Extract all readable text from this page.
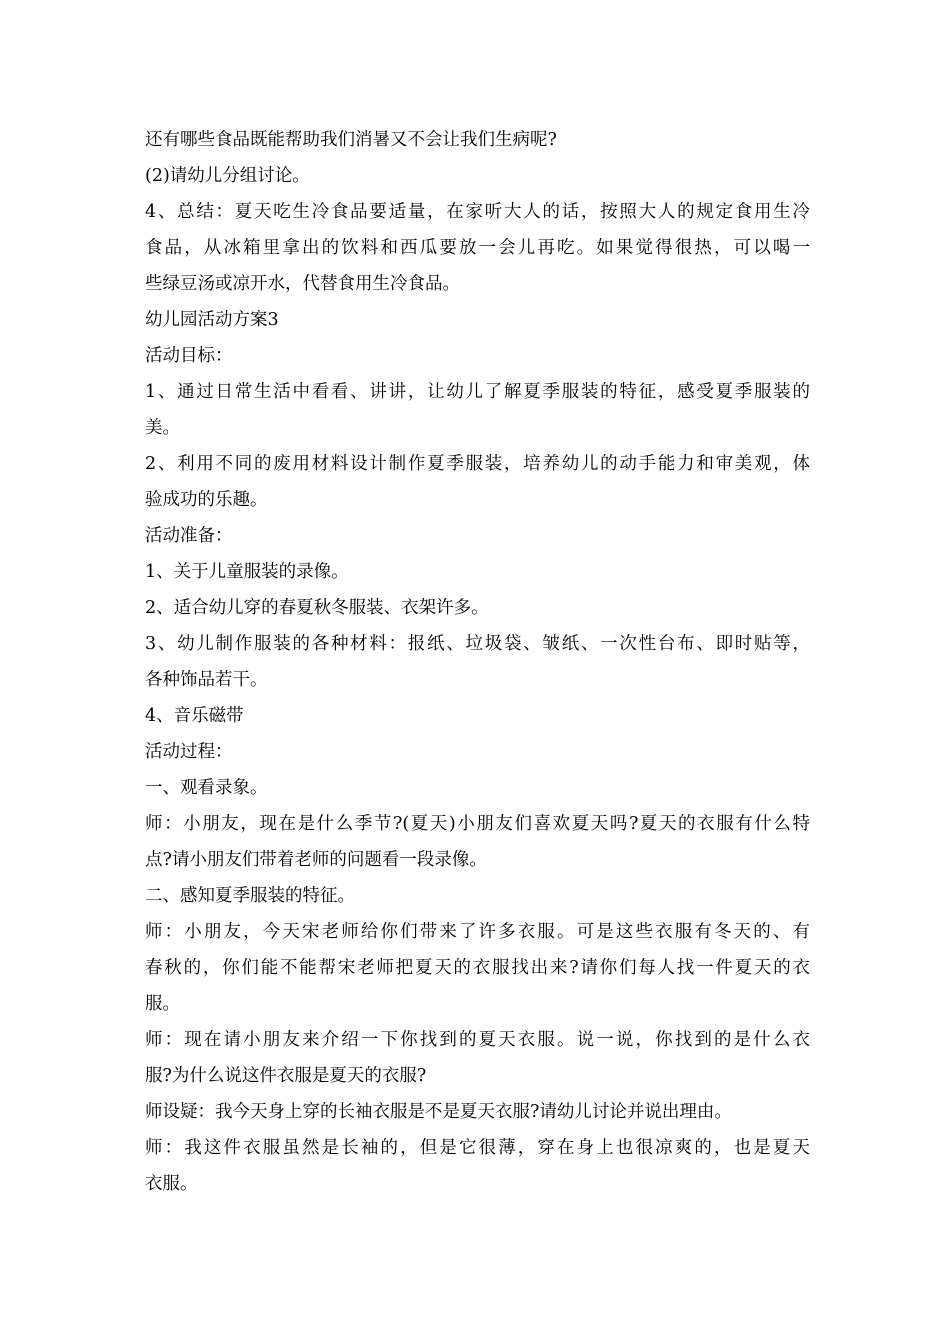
还有哪些食品既能帮助我们消暑又不会让我们生病呢?
(2)请幼儿分组讨论。
4、总结：夏天吃生冷食品要适量，在家听大人的话，按照大人的规定食用生冷
食品，从冰箱里拿出的饮料和西瓜要放一会儿再吃。如果觉得很热，可以喝一
些绿豆汤或凉开水，代替食用生冷食品。
幼儿园活动方案3
活动目标：
1、通过日常生活中看看、讲讲，让幼儿了解夏季服装的特征，感受夏季服装的
美。
2、利用不同的废用材料设计制作夏季服装，培养幼儿的动手能力和审美观，体
验成功的乐趣。
活动准备：
1、关于儿童服装的录像。
2、适合幼儿穿的春夏秋冬服装、衣架许多。
3、幼儿制作服装的各种材料：报纸、垃圾袋、皱纸、一次性台布、即时贴等，
各种饰品若干。
4、音乐磁带
活动过程：
一、观看录象。
师：小朋友，现在是什么季节?(夏天)小朋友们喜欢夏天吗?夏天的衣服有什么特
点?请小朋友们带着老师的问题看一段录像。
二、感知夏季服装的特征。
师：小朋友，今天宋老师给你们带来了许多衣服。可是这些衣服有冬天的、有
春秋的，你们能不能帮宋老师把夏天的衣服找出来?请你们每人找一件夏天的衣
服。
师：现在请小朋友来介绍一下你找到的夏天衣服。说一说，你找到的是什么衣
服?为什么说这件衣服是夏天的衣服?
师设疑：我今天身上穿的长袖衣服是不是夏天衣服?请幼儿讨论并说出理由。
师：我这件衣服虽然是长袖的，但是它很薄，穿在身上也很凉爽的，也是夏天
衣服。
